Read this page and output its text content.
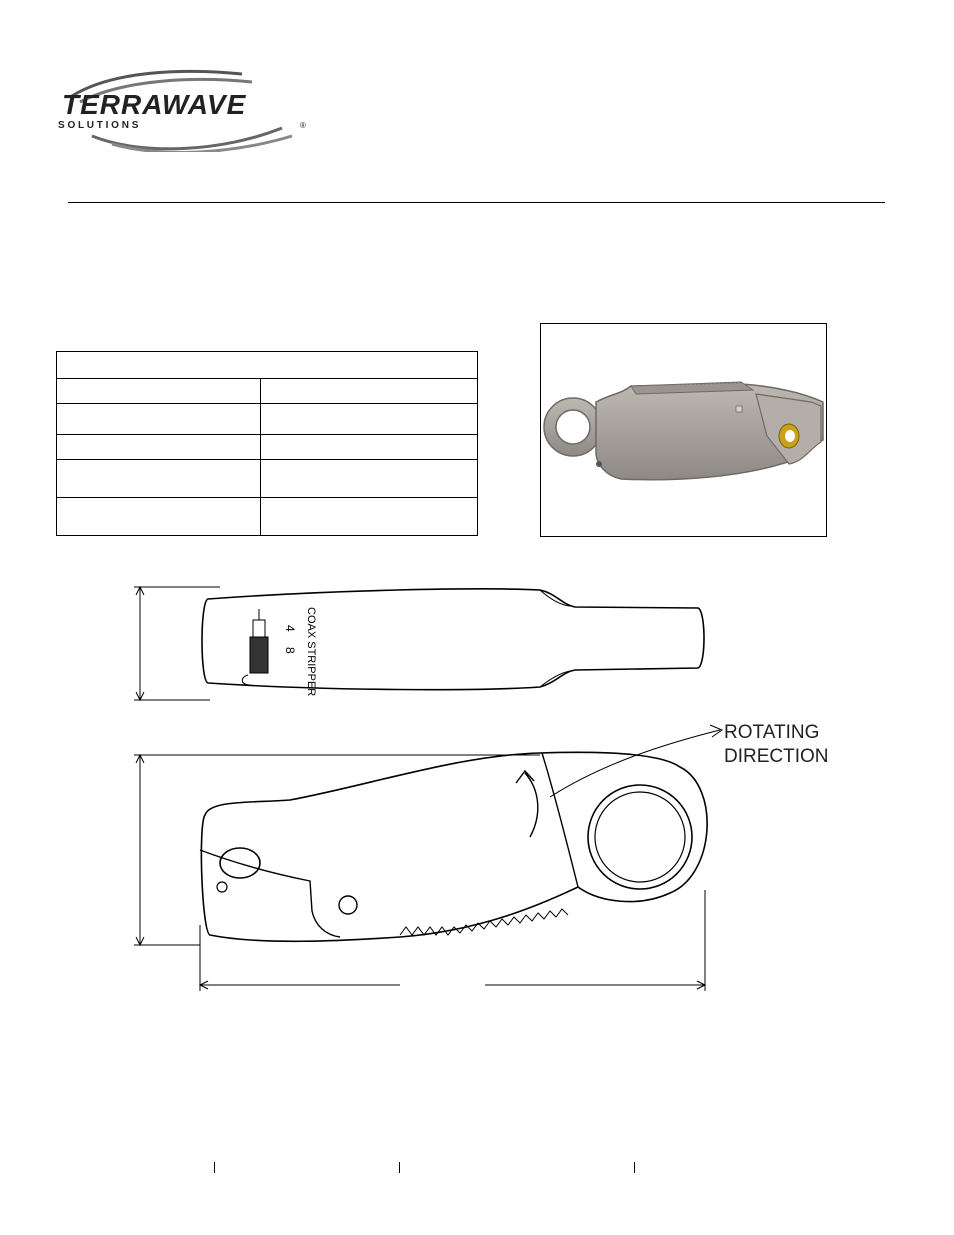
TERRAWAVE
S O L U T I O N S	®

COAX STRIPPER
4
8
ROTATING
DIRECTION
